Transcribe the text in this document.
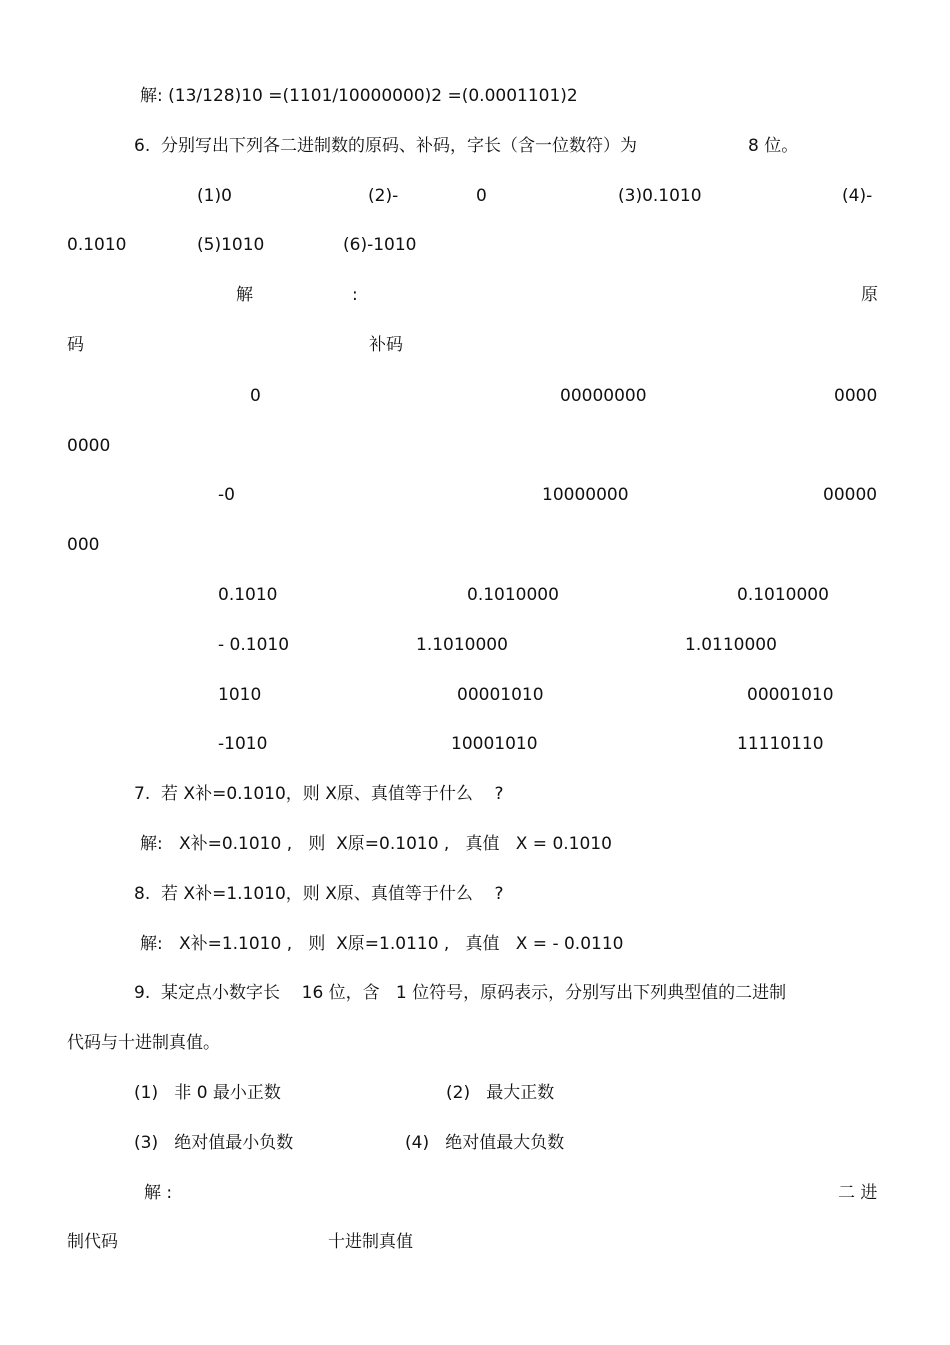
解: (13/128)10 =(1101/10000000)2 =(0.0001101)2
6.  分别写出下列各二进制数的原码、补码，字长（含一位数符）为	8 位。
(1)0	(2)-	0	(3)0.1010	(4)-
0.1010	(5)1010	(6)-1010
解	:	原
码	补码
0	00000000	0000
0000
-0	10000000	00000
000
0.1010	0.1010000	0.1010000
- 0.1010	1.1010000	1.0110000
1010	00001010	00001010
-1010	10001010	11110110
7.  若 X补=0.1010，则 X原、真值等于什么    ?
解:   X补=0.1010 ,   则  X原=0.1010 ,   真值   X = 0.1010
8.  若 X补=1.1010，则 X原、真值等于什么    ?
解:   X补=1.1010 ,   则  X原=1.0110 ,   真值   X = - 0.0110
9.  某定点小数字长    16 位，含   1 位符号，原码表示，分别写出下列典型值的二进制
代码与十进制真值。
(1)   非 0 最小正数	(2)   最大正数
(3)   绝对值最小负数	(4)   绝对值最大负数
解 :	二 进
制代码	十进制真值
